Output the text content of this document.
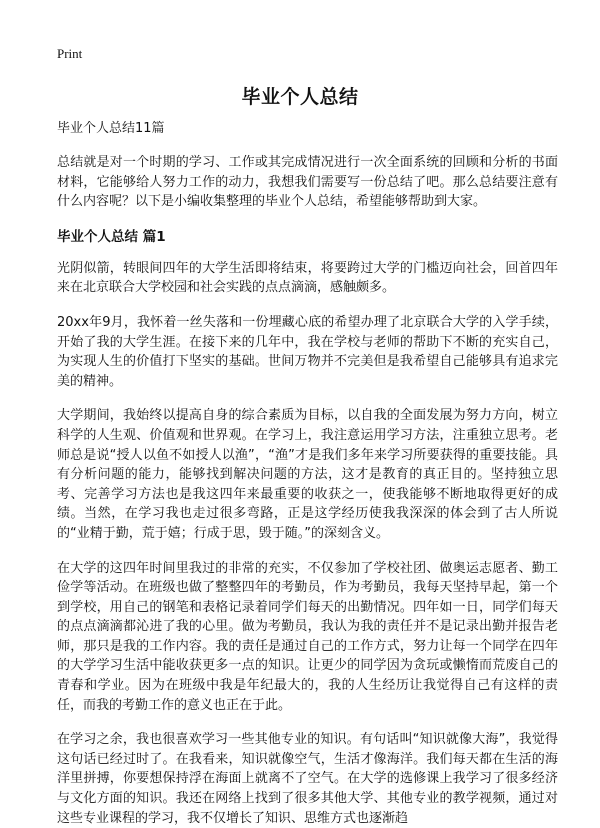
Print
毕业个人总结
毕业个人总结11篇

总结就是对一个时期的学习、工作或其完成情况进行一次全面系统的回顾和分析的书面材料，它能够给人努力工作的动力，我想我们需要写一份总结了吧。那么总结要注意有什么内容呢？以下是小编收集整理的毕业个人总结，希望能够帮助到大家。

毕业个人总结 篇1

光阴似箭，转眼间四年的大学生活即将结束，将要跨过大学的门槛迈向社会，回首四年来在北京联合大学校园和社会实践的点点滴滴，感触颇多。

20xx年9月，我怀着一丝失落和一份埋藏心底的希望办理了北京联合大学的入学手续，开始了我的大学生涯。在接下来的几年中，我在学校与老师的帮助下不断的充实自己，为实现人生的价值打下坚实的基础。世间万物并不完美但是我希望自己能够具有追求完美的精神。

大学期间，我始终以提高自身的综合素质为目标，以自我的全面发展为努力方向，树立科学的人生观、价值观和世界观。在学习上，我注意运用学习方法，注重独立思考。老师总是说“授人以鱼不如授人以渔”，“渔”才是我们多年来学习所要获得的重要技能。具有分析问题的能力，能够找到解决问题的方法，这才是教育的真正目的。坚持独立思考、完善学习方法也是我这四年来最重要的收获之一，使我能够不断地取得更好的成绩。当然，在学习我也走过很多弯路，正是这学经历使我我深深的体会到了古人所说的“业精于勤，荒于嬉；行成于思，毁于随。”的深刻含义。

在大学的这四年时间里我过的非常的充实，不仅参加了学校社团、做奥运志愿者、勤工俭学等活动。在班级也做了整整四年的考勤员，作为考勤员，我每天坚持早起，第一个到学校，用自己的钢笔和表格记录着同学们每天的出勤情况。四年如一日，同学们每天的点点滴滴都沁进了我的心里。做为考勤员，我认为我的责任并不是记录出勤并报告老师，那只是我的工作内容。我的责任是通过自己的工作方式，努力让每一个同学在四年的大学学习生活中能收获更多一点的知识。让更少的同学因为贪玩或懒惰而荒废自己的青春和学业。因为在班级中我是年纪最大的，我的人生经历让我觉得自己有这样的责任，而我的考勤工作的意义也正在于此。

在学习之余，我也很喜欢学习一些其他专业的知识。有句话叫“知识就像大海”，我觉得这句话已经过时了。在我看来，知识就像空气，生活才像海洋。我们每天都在生活的海洋里拼搏，你要想保持浮在海面上就离不了空气。在大学的选修课上我学习了很多经济与文化方面的知识。我还在网络上找到了很多其他大学、其他专业的教学视频，通过对这些专业课程的学习，我不仅增长了知识、思维方式也逐渐趋
